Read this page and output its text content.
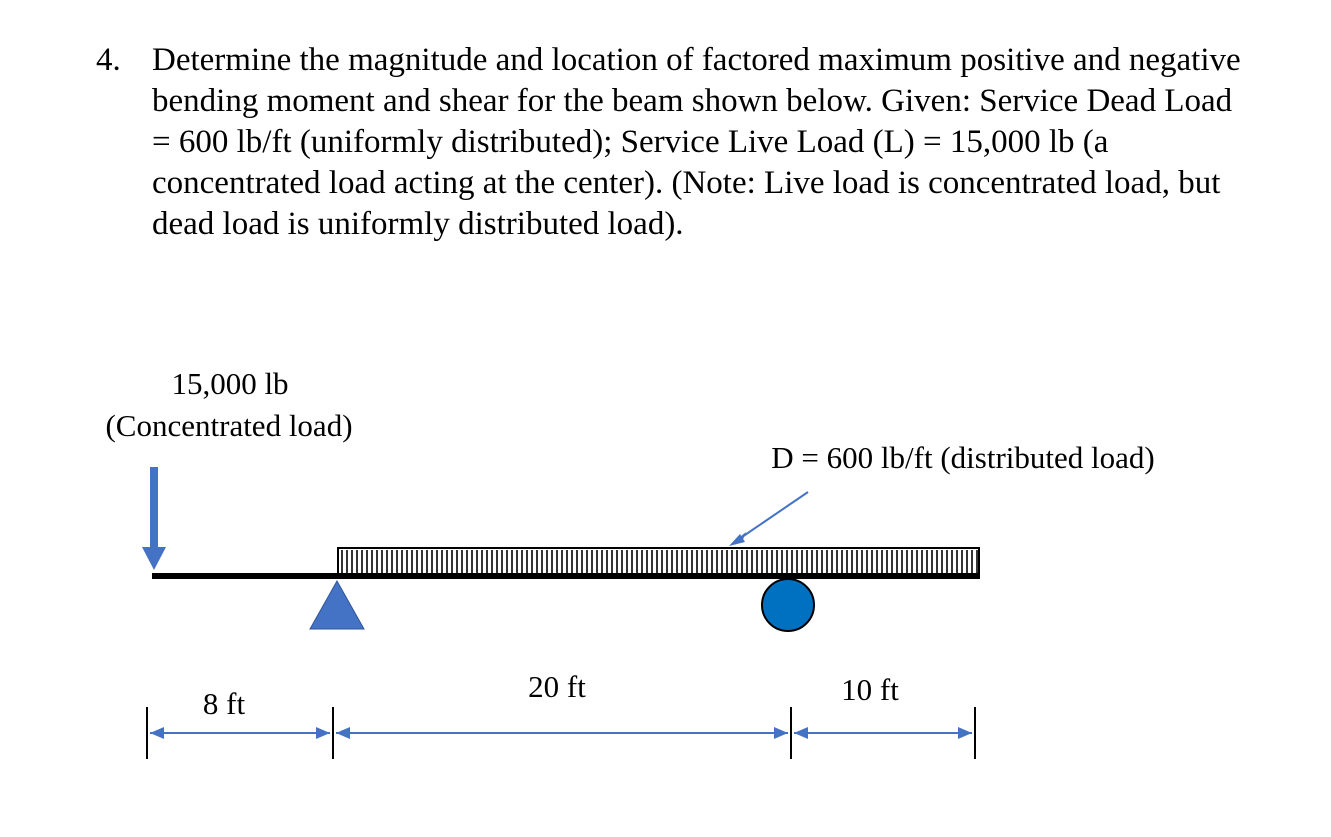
4. Determine the magnitude and location of factored maximum positive and negative
bending moment and shear for the beam shown below. Given: Service Dead Load
= 600 lb/ft (uniformly distributed); Service Live Load (L) = 15,000 lb (a
concentrated load acting at the center). (Note: Live load is concentrated load, but
dead load is uniformly distributed load).
15,000 lb
(Concentrated load)
D = 600 lb/ft (distributed load)
8 ft	20 ft	10 ft
